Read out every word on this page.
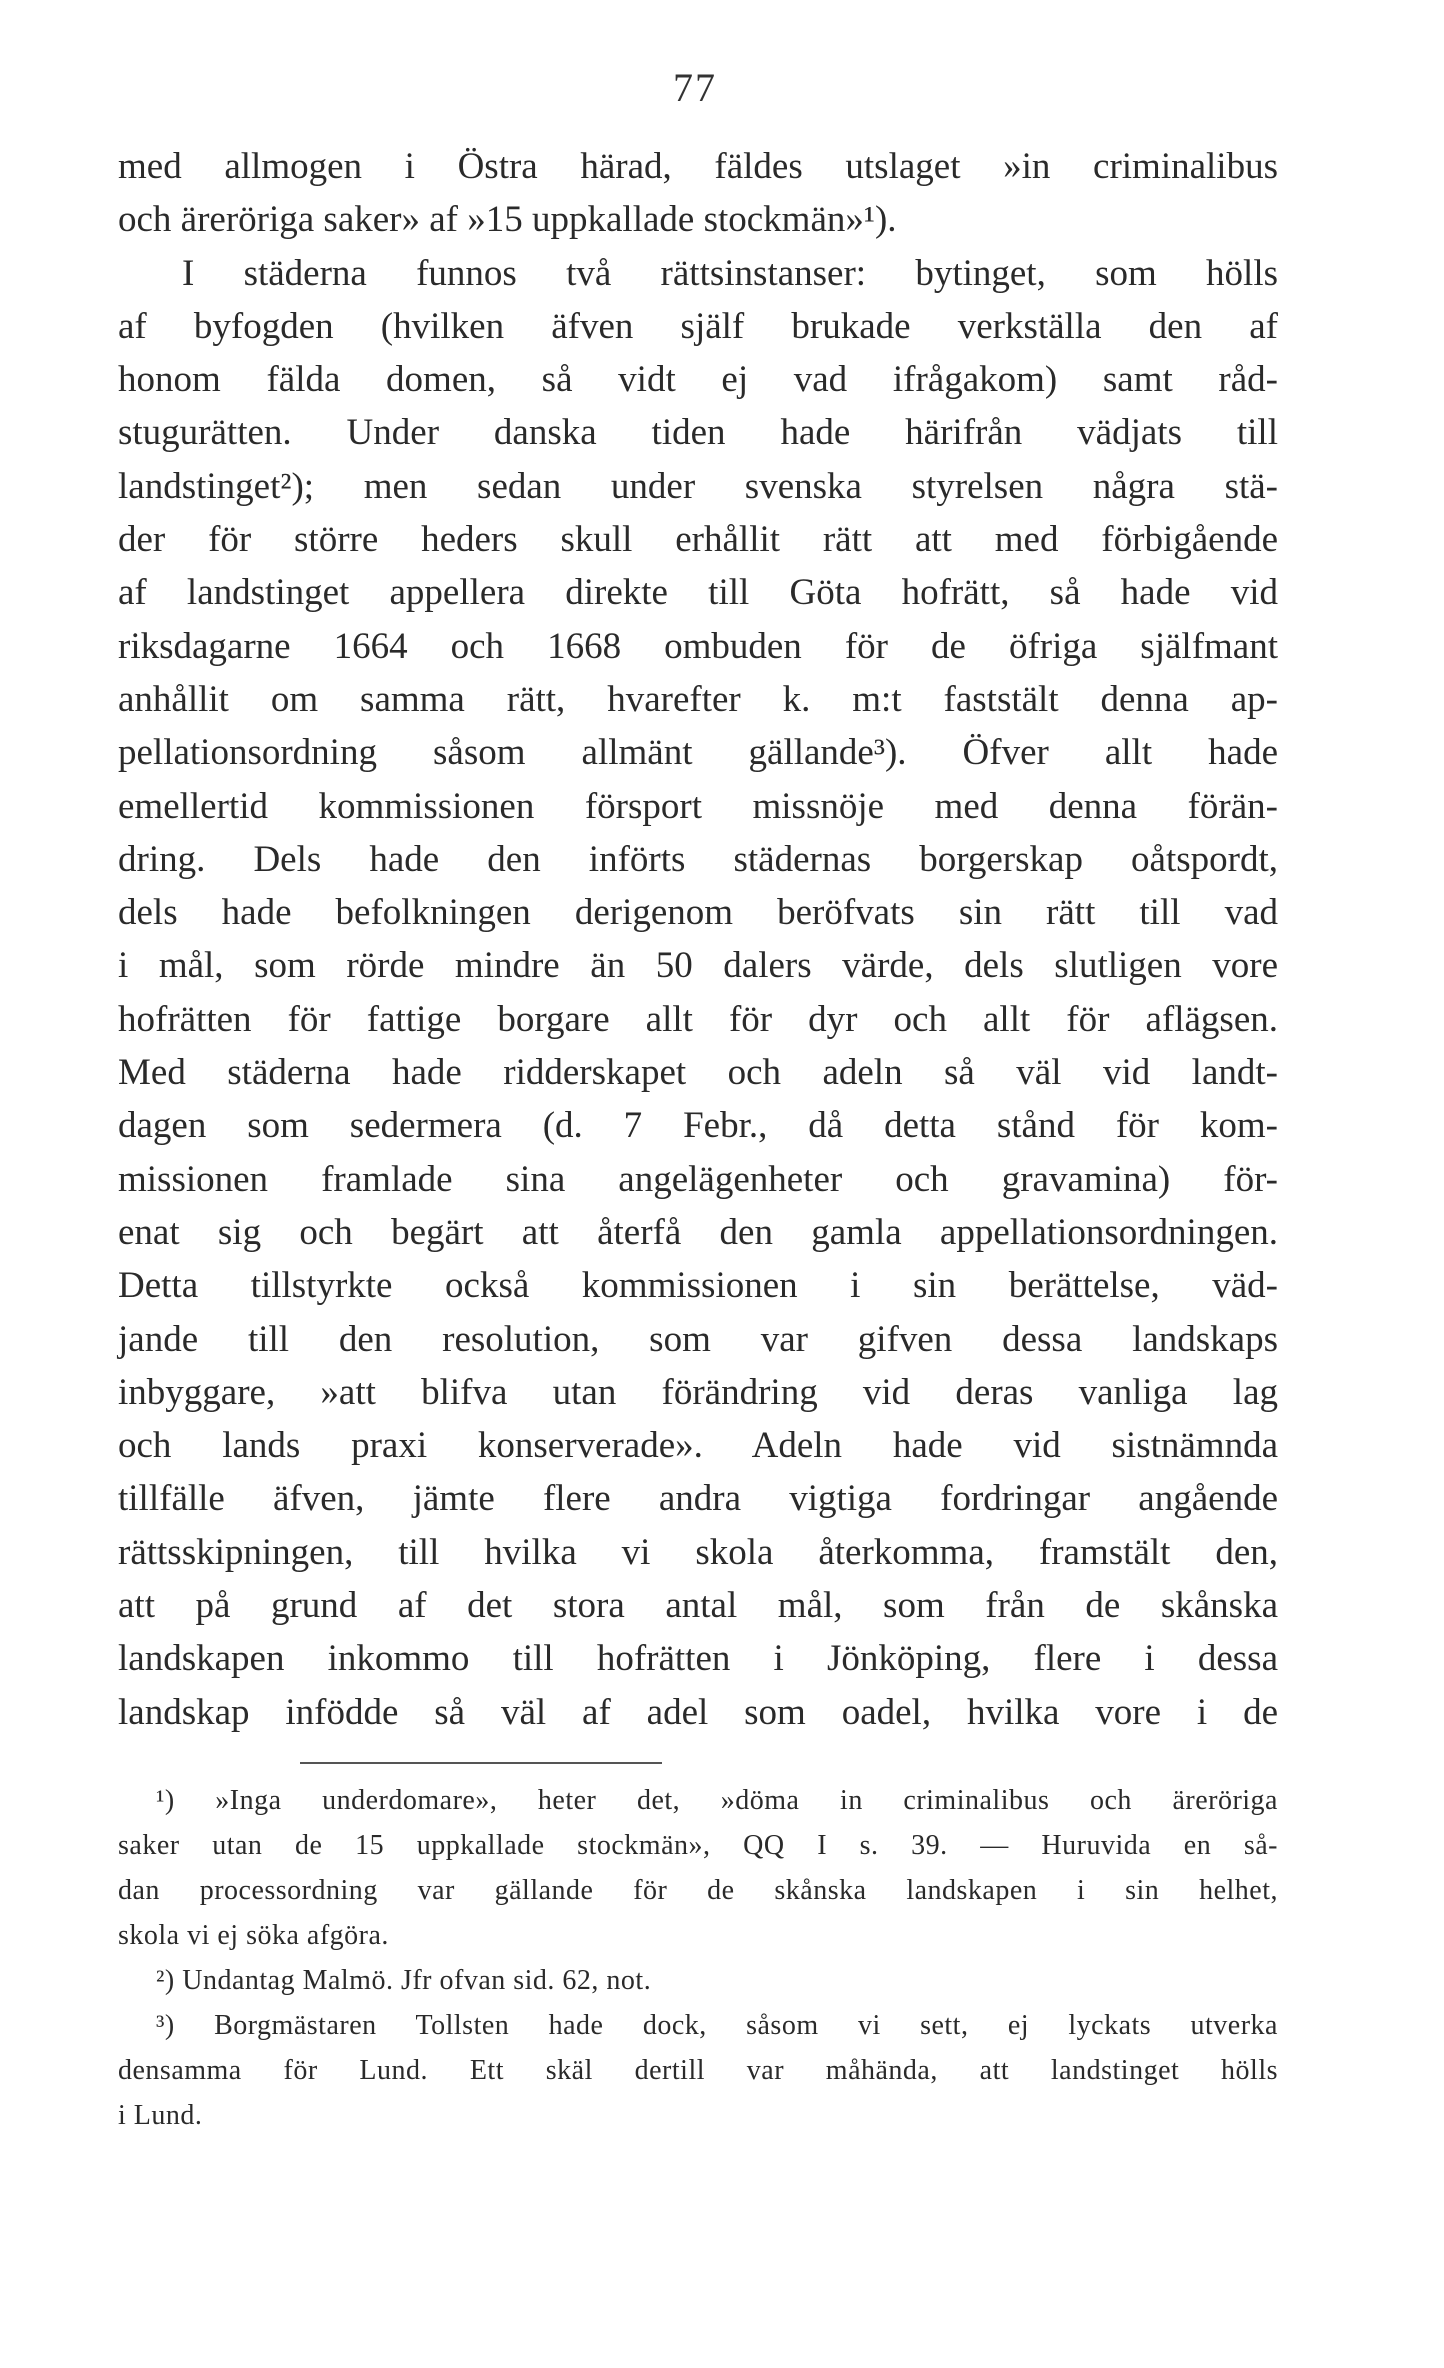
77
med allmogen i Östra härad, fäldes utslaget »in criminalibus
och ärerörigа saker» af »15 uppkallade stockmän»¹).
I städerna funnos två rättsinstanser: bytinget, som hölls
af byfogden (hvilken äfven själf brukade verkställa den af
honom fälda domen, så vidt ej vad ifrågakom) samt råd-
stugurätten. Under danska tiden hade härifrån vädjats till
landstinget²); men sedan under svenska styrelsen några stä-
der för större heders skull erhållit rätt att med förbigående
af landstinget appellera direkte till Göta hofrätt, så hade vid
riksdagarne 1664 och 1668 ombuden för de öfriga själfmant
anhållit om samma rätt, hvarefter k. m:t faststält denna ap-
pellationsordning såsom allmänt gällande³). Öfver allt hade
emellertid kommissionen försport missnöje med denna förän-
dring. Dels hade den införts städernas borgerskap oåtspordt,
dels hade befolkningen derigenom beröfvats sin rätt till vad
i mål, som rörde mindre än 50 dalers värde, dels slutligen vore
hofrätten för fattige borgare allt för dyr och allt för aflägsen.
Med städerna hade ridderskapet och adeln så väl vid landt-
dagen som sedermera (d. 7 Febr., då detta stånd för kom-
missionen framlade sina angelägenheter och gravamina) för-
enat sig och begärt att återfå den gamla appellationsordningen.
Detta tillstyrkte också kommissionen i sin berättelse, väd-
jande till den resolution, som var gifven dessa landskaps
inbyggare, »att blifva utan förändring vid deras vanliga lag
och lands praxi konserverade». Adeln hade vid sistnämnda
tillfälle äfven, jämte flere andra vigtiga fordringar angående
rättsskipningen, till hvilka vi skola återkomma, framstält den,
att på grund af det stora antal mål, som från de skånska
landskapen inkommo till hofrätten i Jönköping, flere i dessa
landskap infödde så väl af adel som oadel, hvilka vore i de
¹) »Inga underdomare», heter det, »döma in criminalibus och ärerörigа
saker utan de 15 uppkallade stockmän», QQ I s. 39. — Huruvida en så-
dan processordning var gällande för de skånska landskapen i sin helhet,
skola vi ej söka afgöra.
²) Undantag Malmö. Jfr ofvan sid. 62, not.
³) Borgmästaren Tollsten hade dock, såsom vi sett, ej lyckats utverka
densamma för Lund. Ett skäl dertill var måhända, att landstinget hölls
i Lund.
